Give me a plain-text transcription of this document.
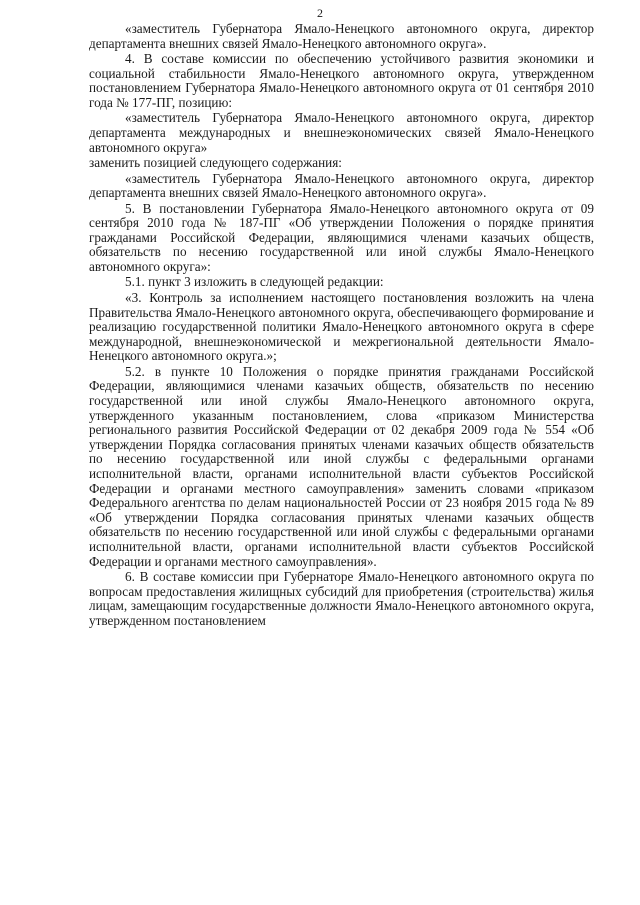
2

«заместитель Губернатора Ямало-Ненецкого автономного округа, директор департамента внешних связей Ямало-Ненецкого автономного округа».

4. В составе комиссии по обеспечению устойчивого развития экономики и социальной стабильности Ямало-Ненецкого автономного округа, утвержденном постановлением Губернатора Ямало-Ненецкого автономного округа от 01 сентября 2010 года № 177-ПГ, позицию:

«заместитель Губернатора Ямало-Ненецкого автономного округа, директор департамента международных и внешнеэкономических связей Ямало-Ненецкого автономного округа»

заменить позицией следующего содержания:

«заместитель Губернатора Ямало-Ненецкого автономного округа, директор департамента внешних связей Ямало-Ненецкого автономного округа».

5. В постановлении Губернатора Ямало-Ненецкого автономного округа от 09 сентября 2010 года № 187-ПГ «Об утверждении Положения о порядке принятия гражданами Российской Федерации, являющимися членами казачьих обществ, обязательств по несению государственной или иной службы Ямало-Ненецкого автономного округа»:

5.1. пункт 3 изложить в следующей редакции:

«3. Контроль за исполнением настоящего постановления возложить на члена Правительства Ямало-Ненецкого автономного округа, обеспечивающего формирование и реализацию государственной политики Ямало-Ненецкого автономного округа в сфере международной, внешнеэкономической и межрегиональной деятельности Ямало-Ненецкого автономного округа.»;

5.2. в пункте 10 Положения о порядке принятия гражданами Российской Федерации, являющимися членами казачьих обществ, обязательств по несению государственной или иной службы Ямало-Ненецкого автономного округа, утвержденного указанным постановлением, слова «приказом Министерства регионального развития Российской Федерации от 02 декабря 2009 года № 554 «Об утверждении Порядка согласования принятых членами казачьих обществ обязательств по несению государственной или иной службы с федеральными органами исполнительной власти, органами исполнительной власти субъектов Российской Федерации и органами местного самоуправления» заменить словами «приказом Федерального агентства по делам национальностей России от 23 ноября 2015 года № 89 «Об утверждении Порядка согласования принятых членами казачьих обществ обязательств по несению государственной или иной службы с федеральными органами исполнительной власти, органами исполнительной власти субъектов Российской Федерации и органами местного самоуправления».

6. В составе комиссии при Губернаторе Ямало-Ненецкого автономного округа по вопросам предоставления жилищных субсидий для приобретения (строительства) жилья лицам, замещающим государственные должности Ямало-Ненецкого автономного округа, утвержденном постановлением
